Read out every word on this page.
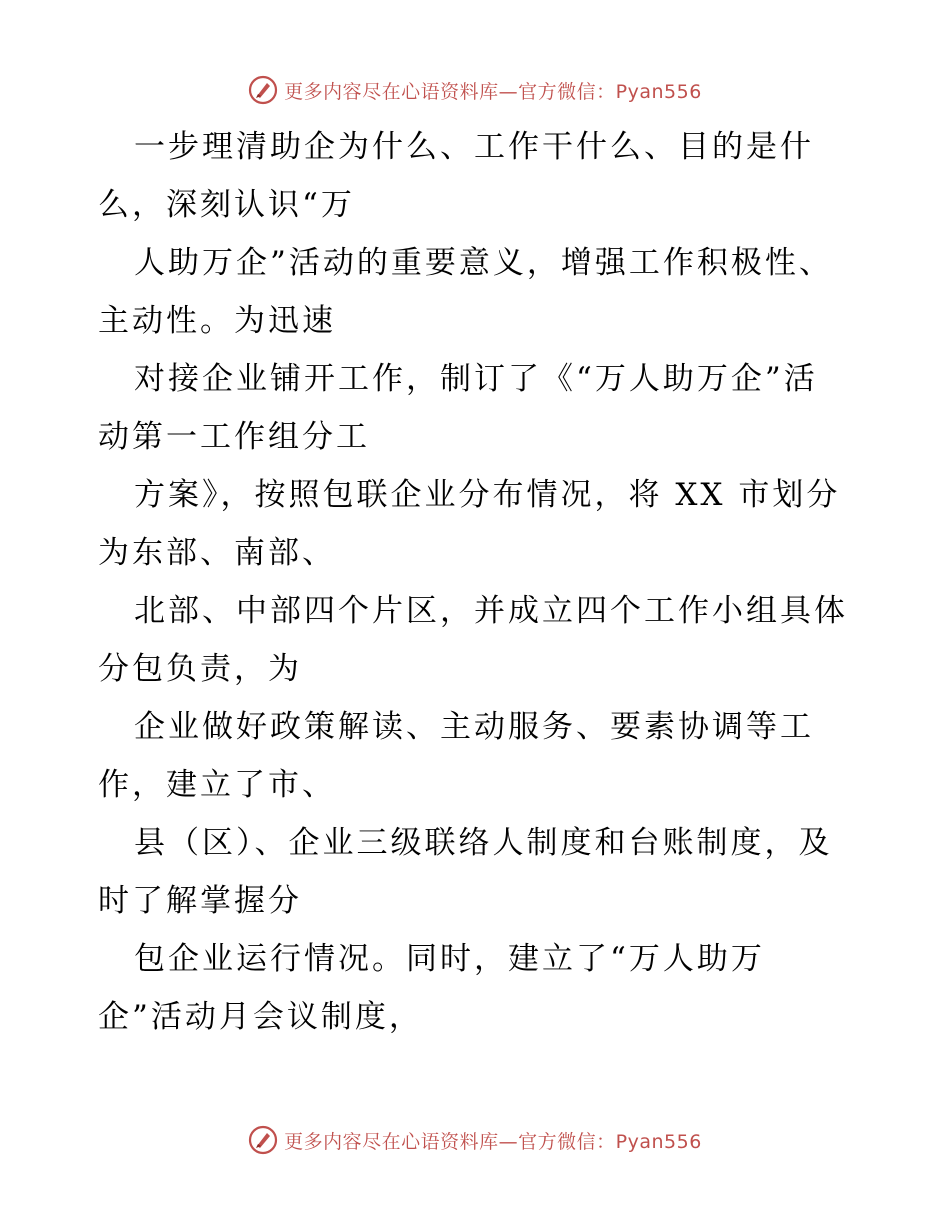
更多内容尽在心语资料库—官方微信：Pyan556
一步理清助企为什么、工作干什么、目的是什
么，深刻认识“万
人助万企”活动的重要意义，增强工作积极性、
主动性。为迅速
对接企业铺开工作，制订了《“万人助万企”活
动第一工作组分工
方案》，按照包联企业分布情况，将 XX 市划分
为东部、南部、
北部、中部四个片区，并成立四个工作小组具体
分包负责，为
企业做好政策解读、主动服务、要素协调等工
作，建立了市、
县（区）、企业三级联络人制度和台账制度，及
时了解掌握分
包企业运行情况。同时，建立了“万人助万
企”活动月会议制度，
更多内容尽在心语资料库—官方微信：Pyan556
